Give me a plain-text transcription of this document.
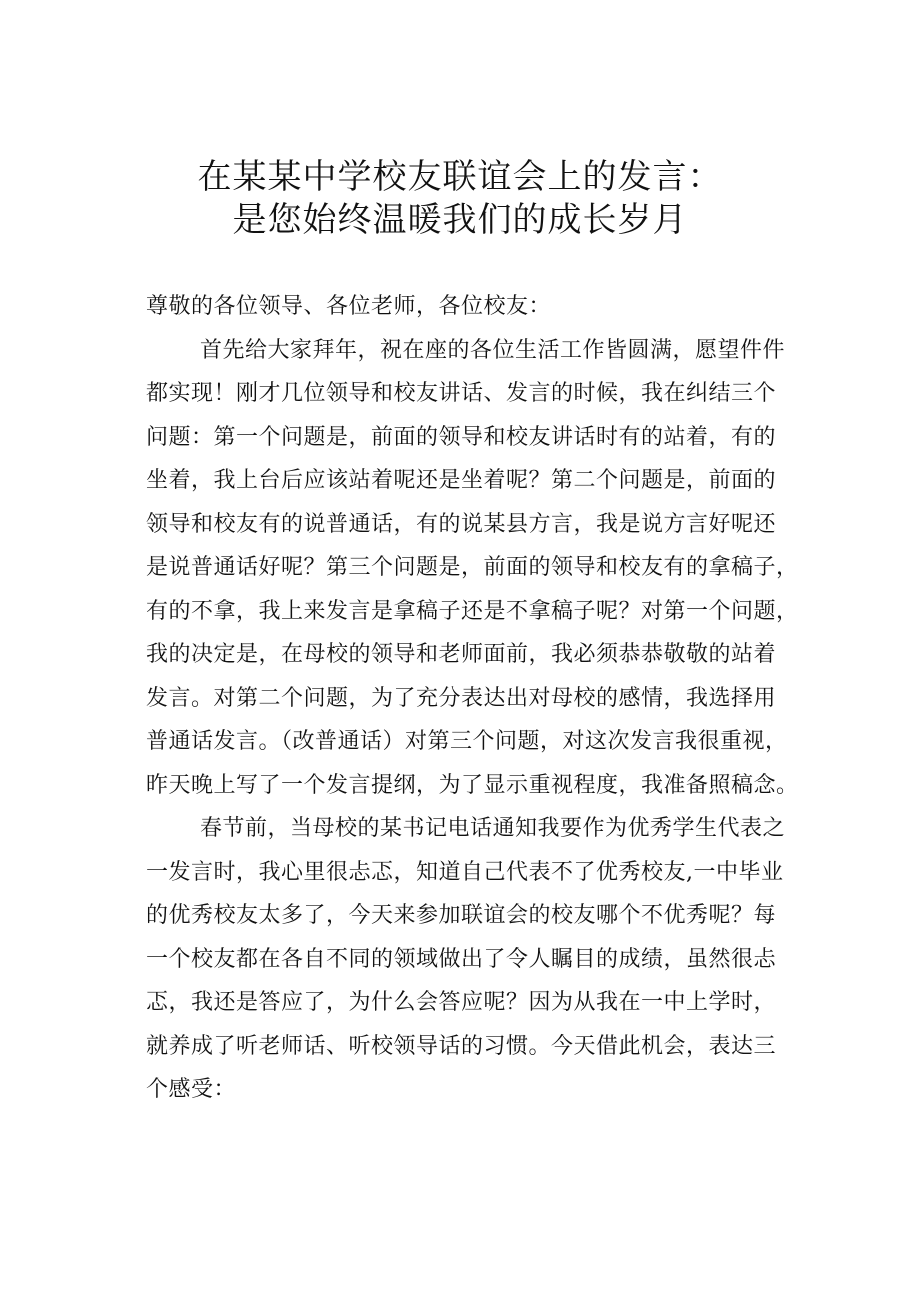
在某某中学校友联谊会上的发言：
是您始终温暖我们的成长岁月
尊敬的各位领导、各位老师，各位校友：
首先给大家拜年，祝在座的各位生活工作皆圆满，愿望件件
都实现！刚才几位领导和校友讲话、发言的时候，我在纠结三个
问题：第一个问题是，前面的领导和校友讲话时有的站着，有的
坐着，我上台后应该站着呢还是坐着呢？第二个问题是，前面的
领导和校友有的说普通话，有的说某县方言，我是说方言好呢还
是说普通话好呢？第三个问题是，前面的领导和校友有的拿稿子，
有的不拿，我上来发言是拿稿子还是不拿稿子呢？对第一个问题，
我的决定是，在母校的领导和老师面前，我必须恭恭敬敬的站着
发言。对第二个问题，为了充分表达出对母校的感情，我选择用
普通话发言。（改普通话）对第三个问题，对这次发言我很重视，
昨天晚上写了一个发言提纲，为了显示重视程度，我准备照稿念。
春节前，当母校的某书记电话通知我要作为优秀学生代表之
一发言时，我心里很忐忑，知道自己代表不了优秀校友,一中毕业
的优秀校友太多了，今天来参加联谊会的校友哪个不优秀呢？每
一个校友都在各自不同的领域做出了令人瞩目的成绩，虽然很忐
忑，我还是答应了，为什么会答应呢？因为从我在一中上学时，
就养成了听老师话、听校领导话的习惯。今天借此机会，表达三
个感受：
